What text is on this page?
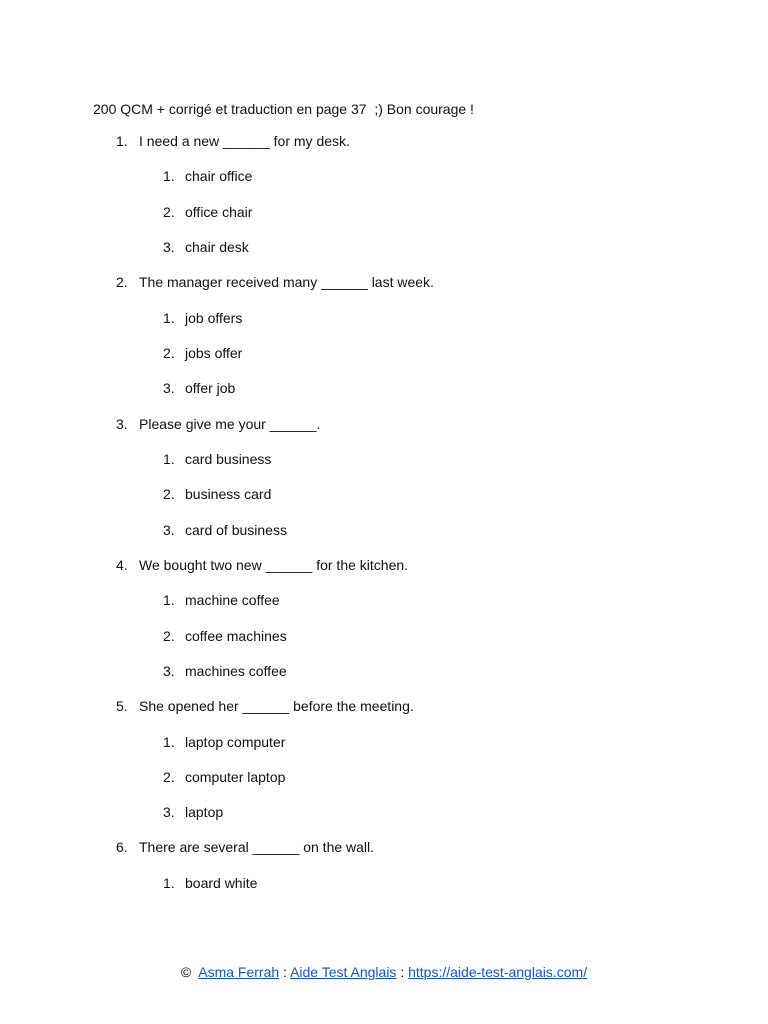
200 QCM + corrigé et traduction en page 37  ;) Bon courage !
1. I need a new ______ for my desk.
1. chair office
2. office chair
3. chair desk
2. The manager received many ______ last week.
1. job offers
2. jobs offer
3. offer job
3. Please give me your ______.
1. card business
2. business card
3. card of business
4. We bought two new ______ for the kitchen.
1. machine coffee
2. coffee machines
3. machines coffee
5. She opened her ______ before the meeting.
1. laptop computer
2. computer laptop
3. laptop
6. There are several ______ on the wall.
1. board white
© Asma Ferrah : Aide Test Anglais : https://aide-test-anglais.com/
